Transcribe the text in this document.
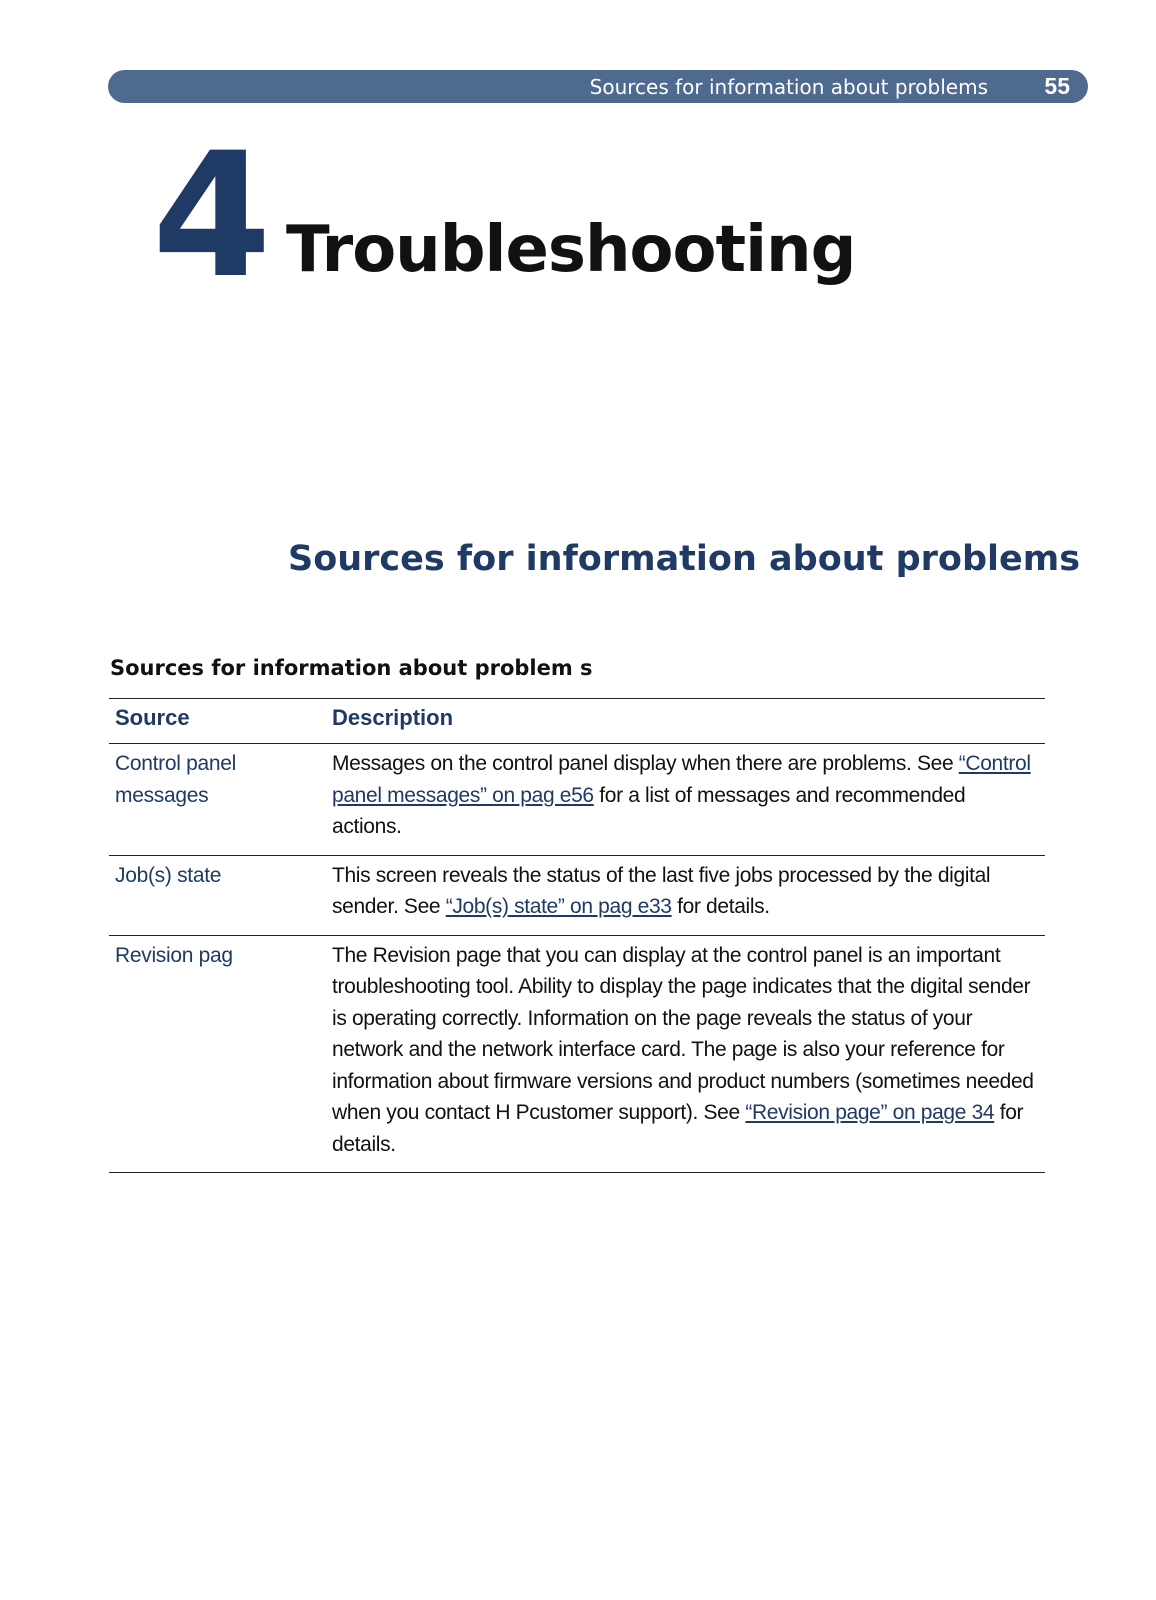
Sources for information about problems 55
4 Troubleshooting
Sources for information about problems
Sources for information about problem s
Source	Description
Control panel messages	Messages on the control panel display when there are problems. See “Control panel messages” on pag e56 for a list of messages and recommended actions.
Job(s) state	This screen reveals the status of the last five jobs processed by the digital sender. See “Job(s) state” on pag e33 for details.
Revision pag	The Revision page that you can display at the control panel is an important troubleshooting tool. Ability to display the page indicates that the digital sender is operating correctly. Information on the page reveals the status of your network and the network interface card. The page is also your reference for information about firmware versions and product numbers (sometimes needed when you contact H Pcustomer support). See “Revision page” on page 34 for details.
